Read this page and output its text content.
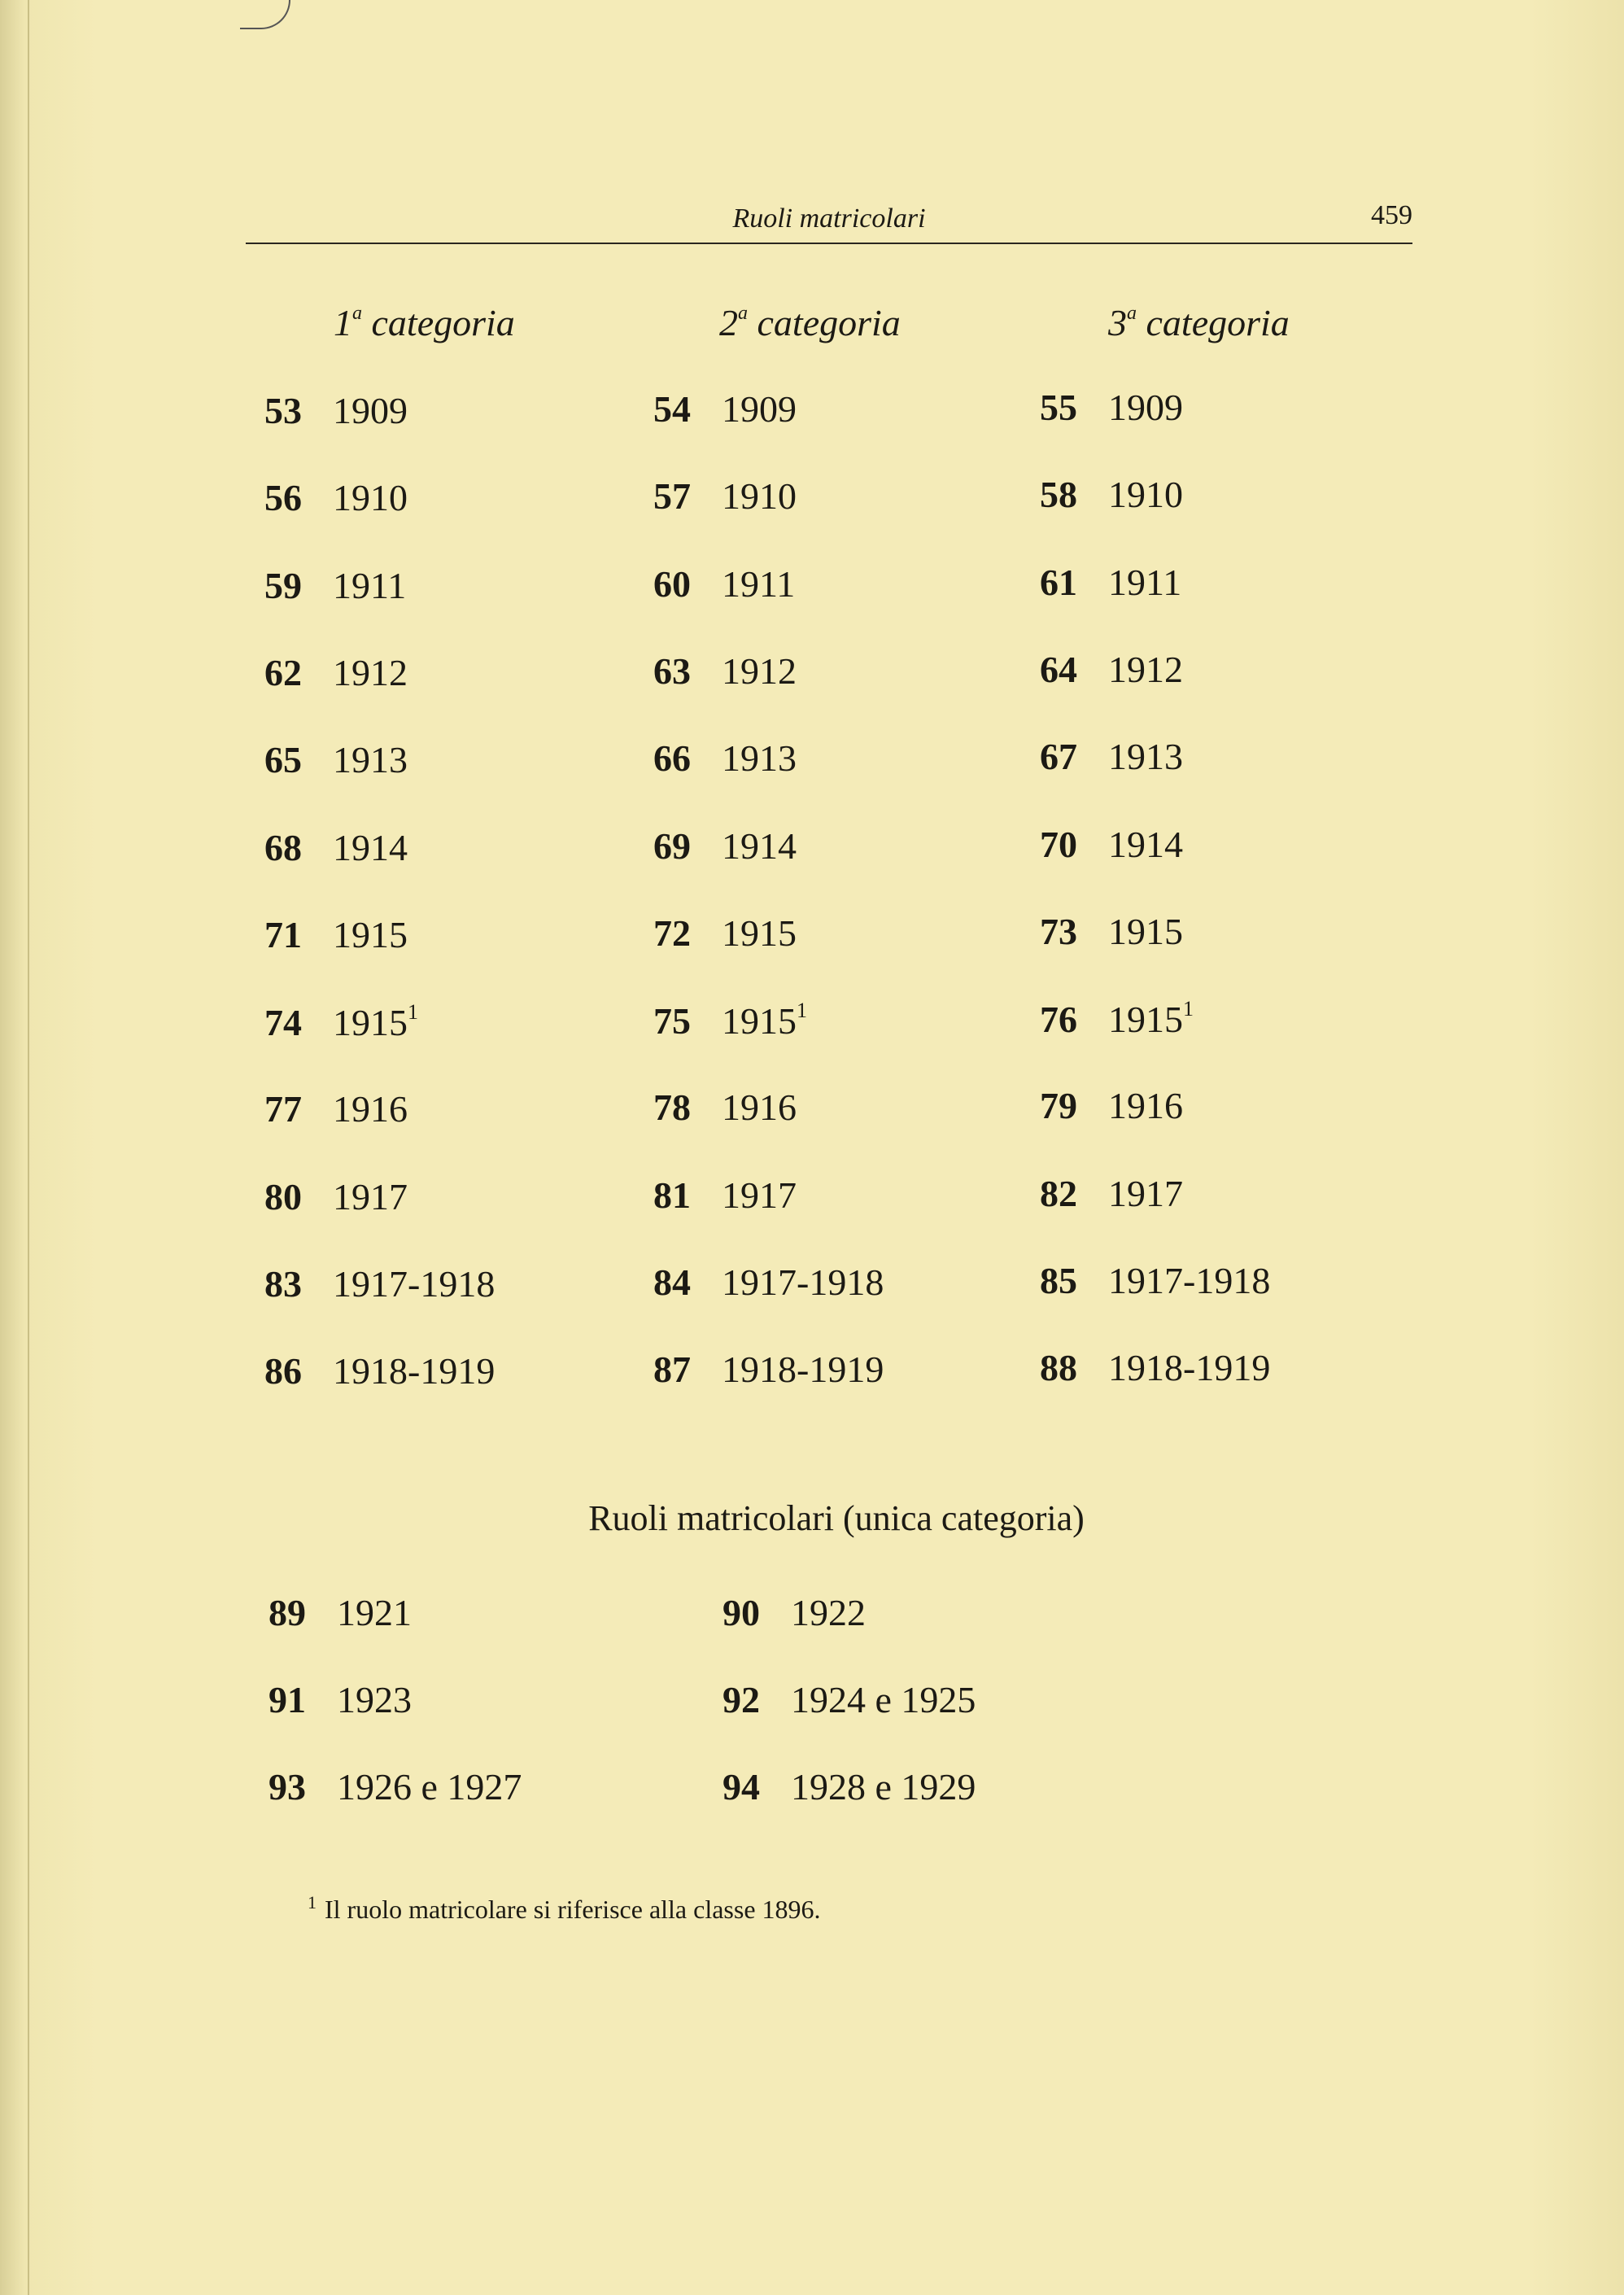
Ruoli matricolari	459
1$^a$ categoria	2$^a$ categoria	3$^a$ categoria
53 1909	54 1909	55 1909
56 1910	57 1910	58 1910
59 1911	60 1911	61 1911
62 1912	63 1912	64 1912
65 1913	66 1913	67 1913
68 1914	69 1914	70 1914
71 1915	72 1915	73 1915
74 1915$^1$	75 1915$^1$	76 1915$^1$
77 1916	78 1916	79 1916
80 1917	81 1917	82 1917
83 1917-1918	84 1917-1918	85 1917-1918
86 1918-1919	87 1918-1919	88 1918-1919
Ruoli matricolari (unica categoria)
89 1921	90 1922
91 1923	92 1924 e 1925
93 1926 e 1927	94 1928 e 1929
$^1$ Il ruolo matricolare si riferisce alla classe 1896.
